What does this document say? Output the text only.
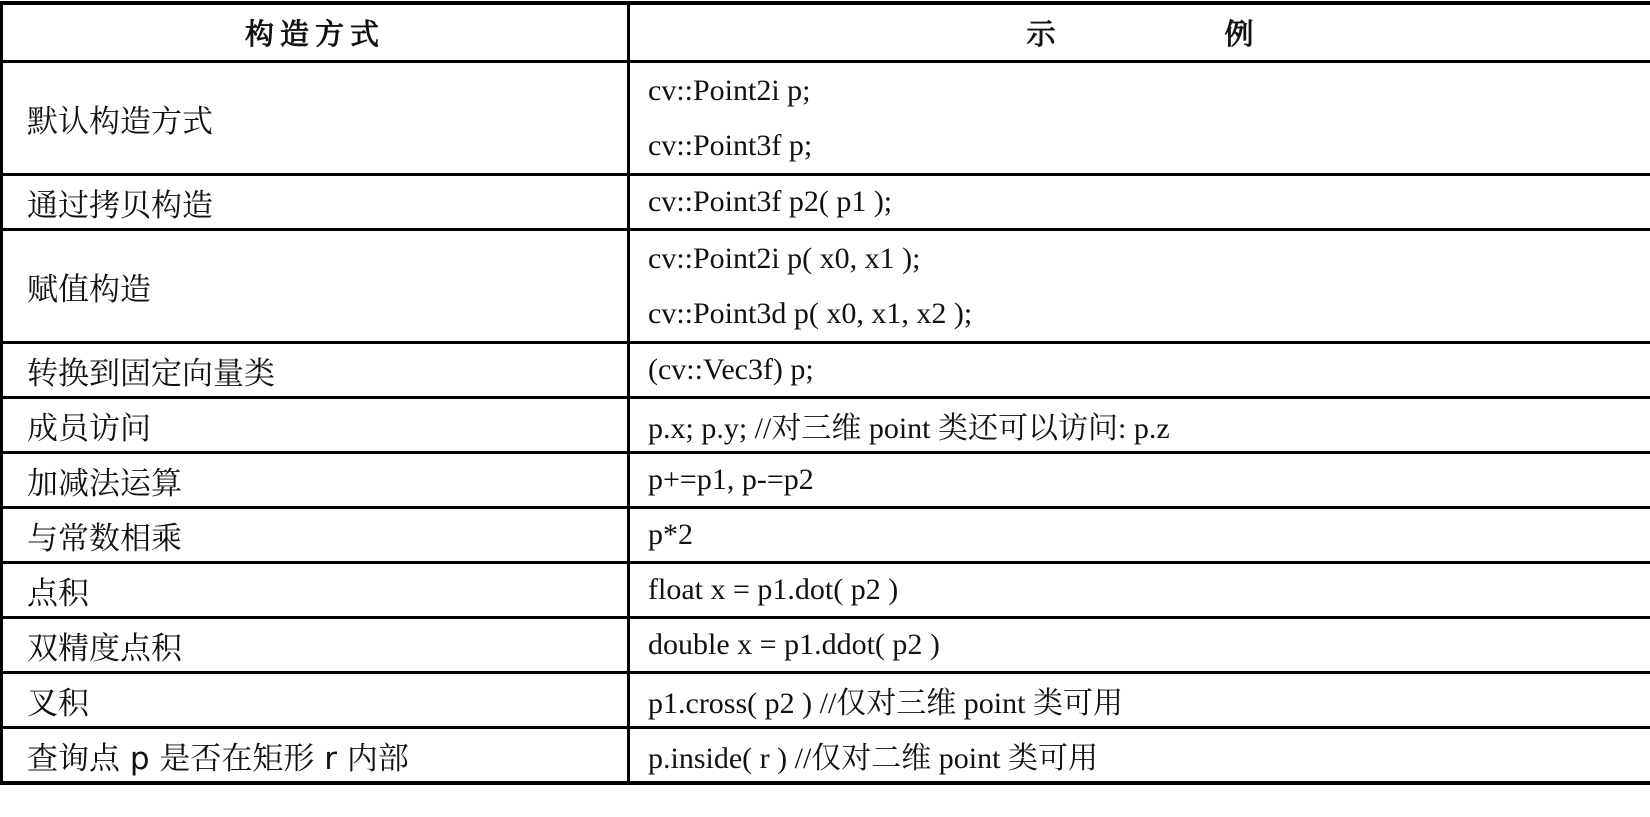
构造方式	示　例
默认构造方式	cv::Point2i p;
cv::Point3f p;

通过拷贝构造	cv::Point3f p2( p1 );
赋值构造	cv::Point2i p( x0, x1 );
cv::Point3d p( x0, x1, x2 );

转换到固定向量类	(cv::Vec3f) p;
成员访问	p.x; p.y; //对三维 point 类还可以访问: p.z
加减法运算	p+=p1, p-=p2
与常数相乘	p*2
点积	float x = p1.dot( p2 )
双精度点积	double x = p1.ddot( p2 )
叉积	p1.cross( p2 ) //仅对三维 point 类可用
查询点 p 是否在矩形 r 内部	p.inside( r ) //仅对二维 point 类可用
